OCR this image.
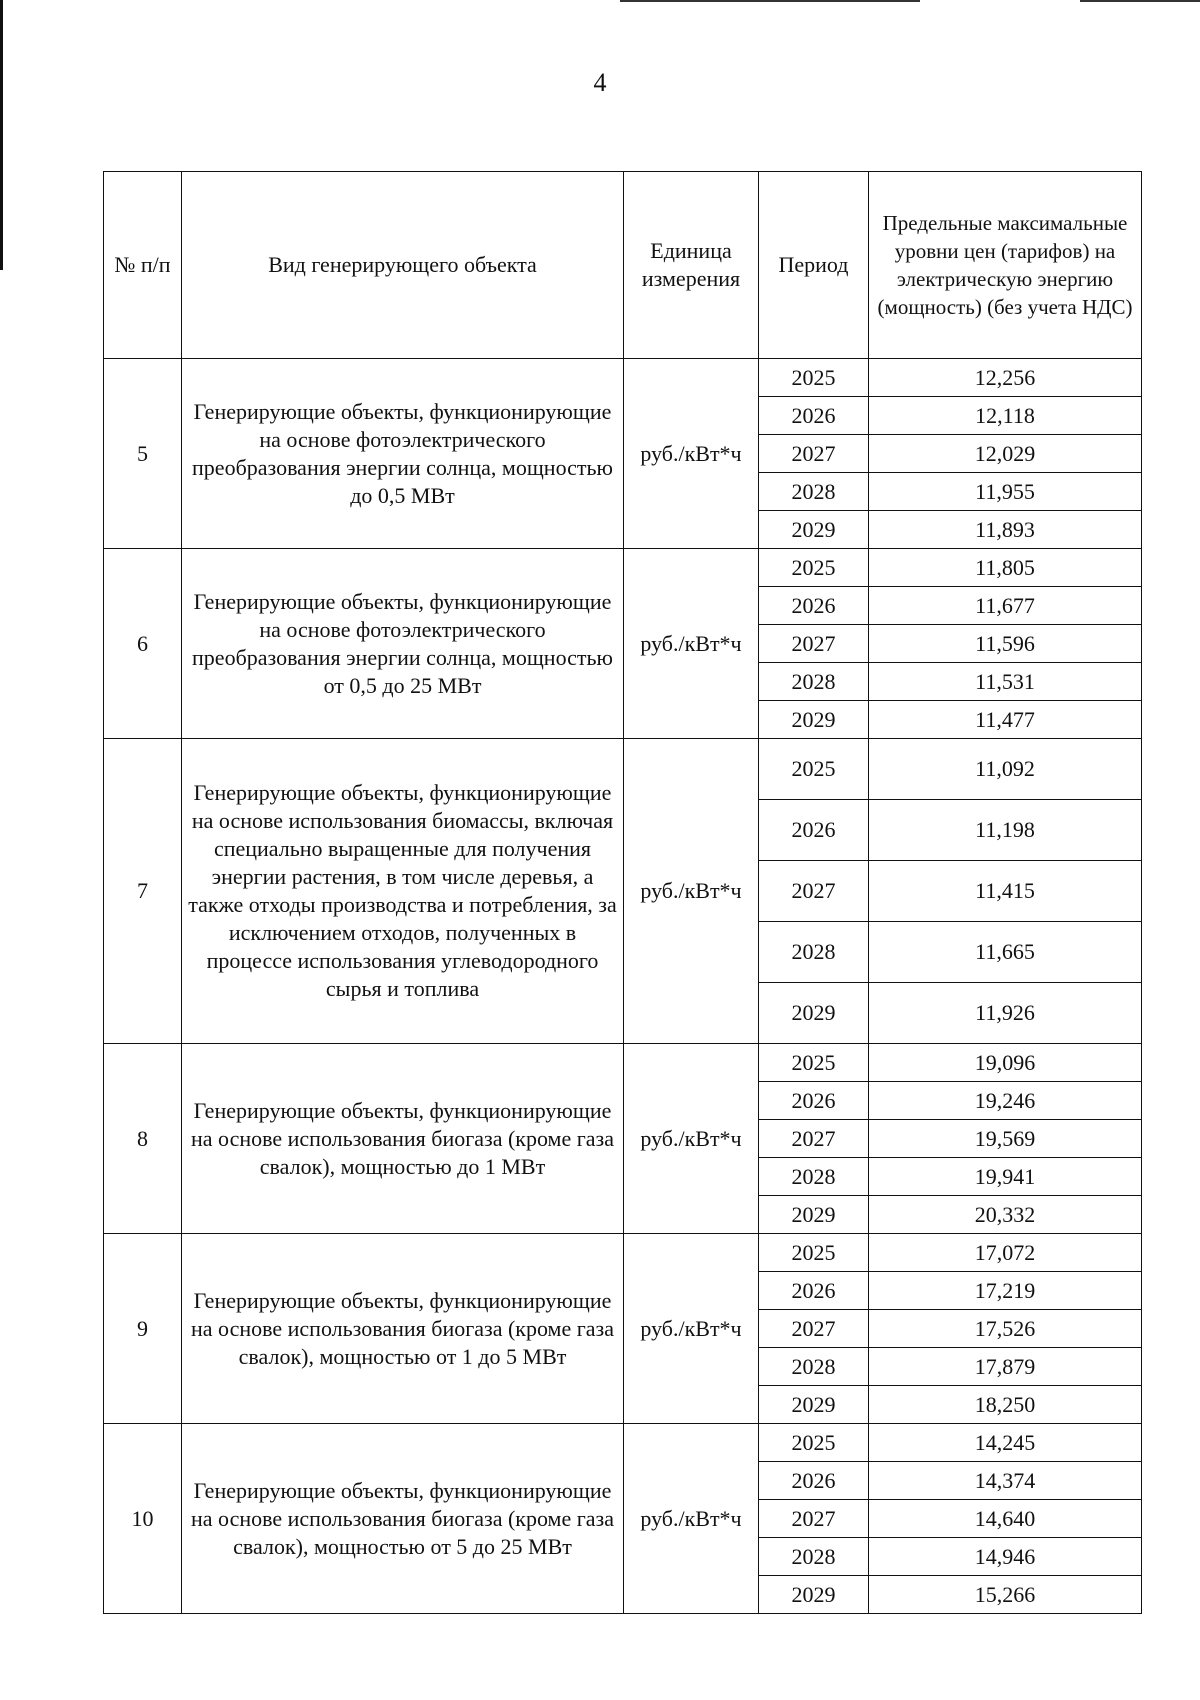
4
№ п/п	Вид генерирующего объекта	Единица измерения	Период	Предельные максимальные уровни цен (тарифов) на электрическую энергию (мощность) (без учета НДС)
5	Генерирующие объекты, функционирующие на основе фотоэлектрического преобразования энергии солнца, мощностью до 0,5 МВт	руб./кВт*ч	2025	12,256
			2026	12,118
			2027	12,029
			2028	11,955
			2029	11,893
6	Генерирующие объекты, функционирующие на основе фотоэлектрического преобразования энергии солнца, мощностью от 0,5 до 25 МВт	руб./кВт*ч	2025	11,805
			2026	11,677
			2027	11,596
			2028	11,531
			2029	11,477
7	Генерирующие объекты, функционирующие на основе использования биомассы, включая специально выращенные для получения энергии растения, в том числе деревья, а также отходы производства и потребления, за исключением отходов, полученных в процессе использования углеводородного сырья и топлива	руб./кВт*ч	2025	11,092
			2026	11,198
			2027	11,415
			2028	11,665
			2029	11,926
8	Генерирующие объекты, функционирующие на основе использования биогаза (кроме газа свалок), мощностью до 1 МВт	руб./кВт*ч	2025	19,096
			2026	19,246
			2027	19,569
			2028	19,941
			2029	20,332
9	Генерирующие объекты, функционирующие на основе использования биогаза (кроме газа свалок), мощностью от 1 до 5 МВт	руб./кВт*ч	2025	17,072
			2026	17,219
			2027	17,526
			2028	17,879
			2029	18,250
10	Генерирующие объекты, функционирующие на основе использования биогаза (кроме газа свалок), мощностью от 5 до 25 МВт	руб./кВт*ч	2025	14,245
			2026	14,374
			2027	14,640
			2028	14,946
			2029	15,266
